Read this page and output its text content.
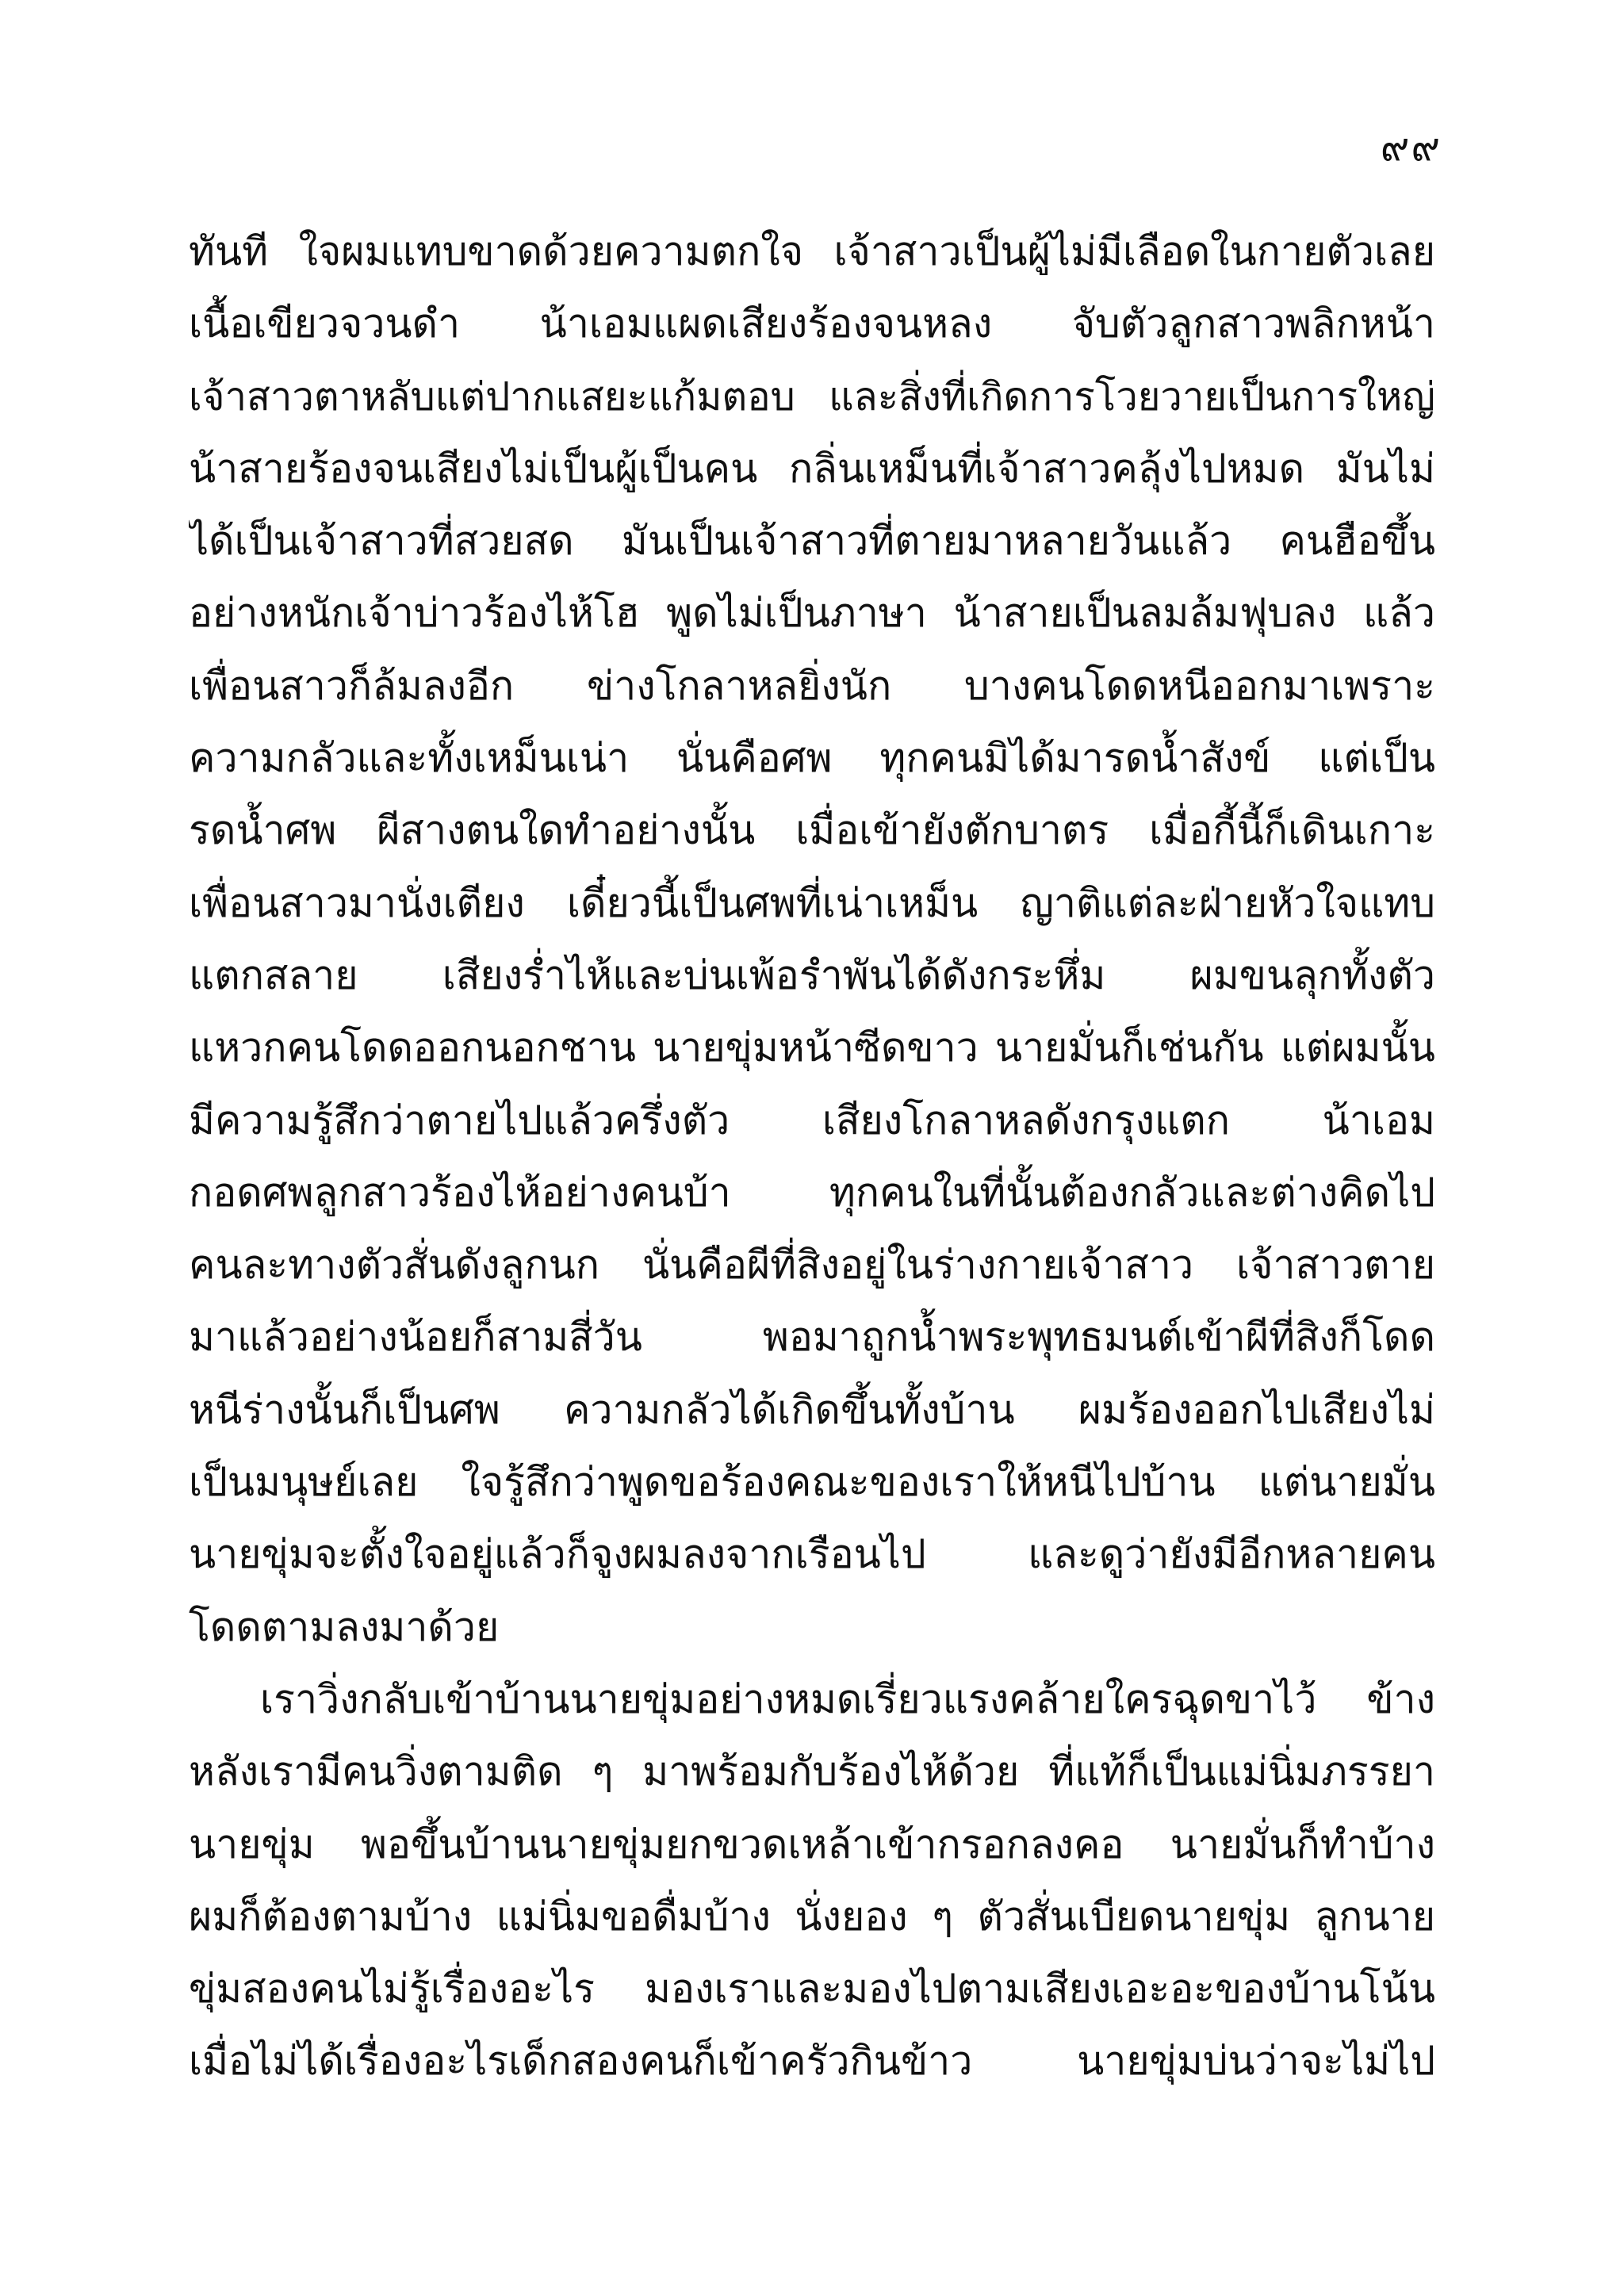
๙๙
ทันที ใจผมแทบขาดด้วยความตกใจ เจ้าสาวเป็นผู้ไม่มีเลือดในกายตัวเลย
เนื้อเขียวจวนดำ น้าเอมแผดเสียงร้องจนหลง จับตัวลูกสาวพลิกหน้า
เจ้าสาวตาหลับแต่ปากแสยะแก้มตอบ และสิ่งที่เกิดการโวยวายเป็นการใหญ่
น้าสายร้องจนเสียงไม่เป็นผู้เป็นคน กลิ่นเหม็นที่เจ้าสาวคลุ้งไปหมด มันไม่
ได้เป็นเจ้าสาวที่สวยสด มันเป็นเจ้าสาวที่ตายมาหลายวันแล้ว คนฮือขึ้น
อย่างหนักเจ้าบ่าวร้องไห้โฮ พูดไม่เป็นภาษา น้าสายเป็นลมล้มฟุบลง แล้ว
เพื่อนสาวก็ล้มลงอีก ข่างโกลาหลยิ่งนัก บางคนโดดหนีออกมาเพราะ
ความกลัวและทั้งเหม็นเน่า นั่นคือศพ ทุกคนมิได้มารดน้ำสังข์ แต่เป็น
รดน้ำศพ ผีสางตนใดทำอย่างนั้น เมื่อเข้ายังตักบาตร เมื่อกี้นี้ก็เดินเกาะ
เพื่อนสาวมานั่งเตียง เดี๋ยวนี้เป็นศพที่เน่าเหม็น ญาติแต่ละฝ่ายหัวใจแทบ
แตกสลาย เสียงร่ำไห้และบ่นเพ้อรำพันได้ดังกระหึ่ม ผมขนลุกทั้งตัว
แหวกคนโดดออกนอกชาน นายขุ่มหน้าซีดขาว นายมั่นก็เช่นกัน แต่ผมนั้น
มีความรู้สึกว่าตายไปแล้วครึ่งตัว เสียงโกลาหลดังกรุงแตก น้าเอม
กอดศพลูกสาวร้องไห้อย่างคนบ้า ทุกคนในที่นั้นต้องกลัวและต่างคิดไป
คนละทางตัวสั่นดังลูกนก นั่นคือผีที่สิงอยู่ในร่างกายเจ้าสาว เจ้าสาวตาย
มาแล้วอย่างน้อยก็สามสี่วัน พอมาถูกน้ำพระพุทธมนต์เข้าผีที่สิงก็โดด
หนีร่างนั้นก็เป็นศพ ความกลัวได้เกิดขึ้นทั้งบ้าน ผมร้องออกไปเสียงไม่
เป็นมนุษย์เลย ใจรู้สึกว่าพูดขอร้องคณะของเราให้หนีไปบ้าน แต่นายมั่น
นายขุ่มจะตั้งใจอยู่แล้วก็จูงผมลงจากเรือนไป และดูว่ายังมีอีกหลายคน
โดดตามลงมาด้วย
เราวิ่งกลับเข้าบ้านนายขุ่มอย่างหมดเรี่ยวแรงคล้ายใครฉุดขาไว้ ข้าง
หลังเรามีคนวิ่งตามติด ๆ มาพร้อมกับร้องไห้ด้วย ที่แท้ก็เป็นแม่นิ่มภรรยา
นายขุ่ม พอขึ้นบ้านนายขุ่มยกขวดเหล้าเข้ากรอกลงคอ นายมั่นก็ทำบ้าง
ผมก็ต้องตามบ้าง แม่นิ่มขอดื่มบ้าง นั่งยอง ๆ ตัวสั่นเบียดนายขุ่ม ลูกนาย
ขุ่มสองคนไม่รู้เรื่องอะไร มองเราและมองไปตามเสียงเอะอะของบ้านโน้น
เมื่อไม่ได้เรื่องอะไรเด็กสองคนก็เข้าครัวกินข้าว นายขุ่มบ่นว่าจะไม่ไป
